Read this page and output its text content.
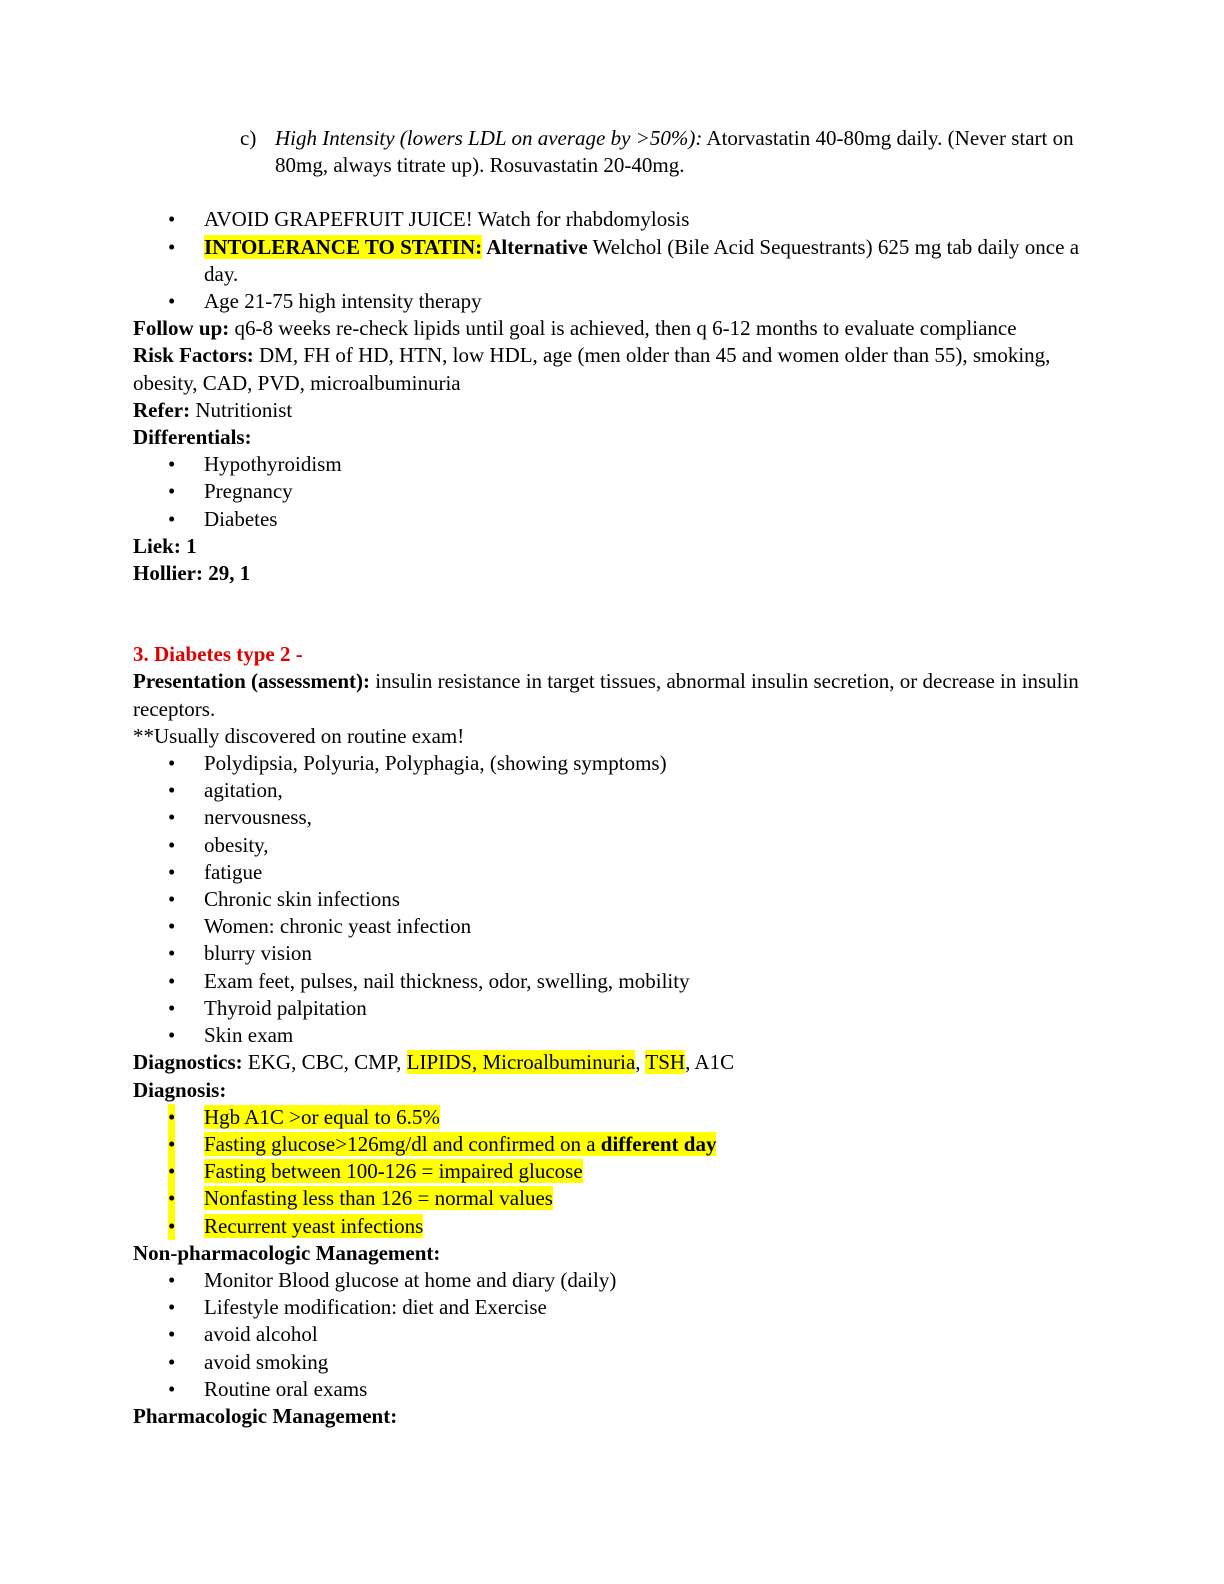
c) High Intensity (lowers LDL on average by >50%): Atorvastatin 40-80mg daily. (Never start on 80mg, always titrate up). Rosuvastatin 20-40mg.

• AVOID GRAPEFRUIT JUICE! Watch for rhabdomylosis
• INTOLERANCE TO STATIN: Alternative Welchol (Bile Acid Sequestrants) 625 mg tab daily once a day.
• Age 21-75 high intensity therapy

Follow up: q6-8 weeks re-check lipids until goal is achieved, then q 6-12 months to evaluate compliance

Risk Factors: DM, FH of HD, HTN, low HDL, age (men older than 45 and women older than 55), smoking, obesity, CAD, PVD, microalbuminuria

Refer: Nutritionist

Differentials:

• Hypothyroidism
• Pregnancy
• Diabetes

Liek: 1

Hollier: 29, 1

3. Diabetes type 2 -

Presentation (assessment): insulin resistance in target tissues, abnormal insulin secretion, or decrease in insulin receptors.

**Usually discovered on routine exam!

• Polydipsia, Polyuria, Polyphagia, (showing symptoms)
• agitation,
• nervousness,
• obesity,
• fatigue
• Chronic skin infections
• Women: chronic yeast infection
• blurry vision
• Exam feet, pulses, nail thickness, odor, swelling, mobility
• Thyroid palpitation
• Skin exam

Diagnostics: EKG, CBC, CMP, LIPIDS, Microalbuminuria, TSH, A1C

Diagnosis:

• Hgb A1C >or equal to 6.5%
• Fasting glucose>126mg/dl and confirmed on a different day
• Fasting between 100-126 = impaired glucose
• Nonfasting less than 126 = normal values
• Recurrent yeast infections

Non-pharmacologic Management:

• Monitor Blood glucose at home and diary (daily)
• Lifestyle modification: diet and Exercise
• avoid alcohol
• avoid smoking
• Routine oral exams

Pharmacologic Management:
